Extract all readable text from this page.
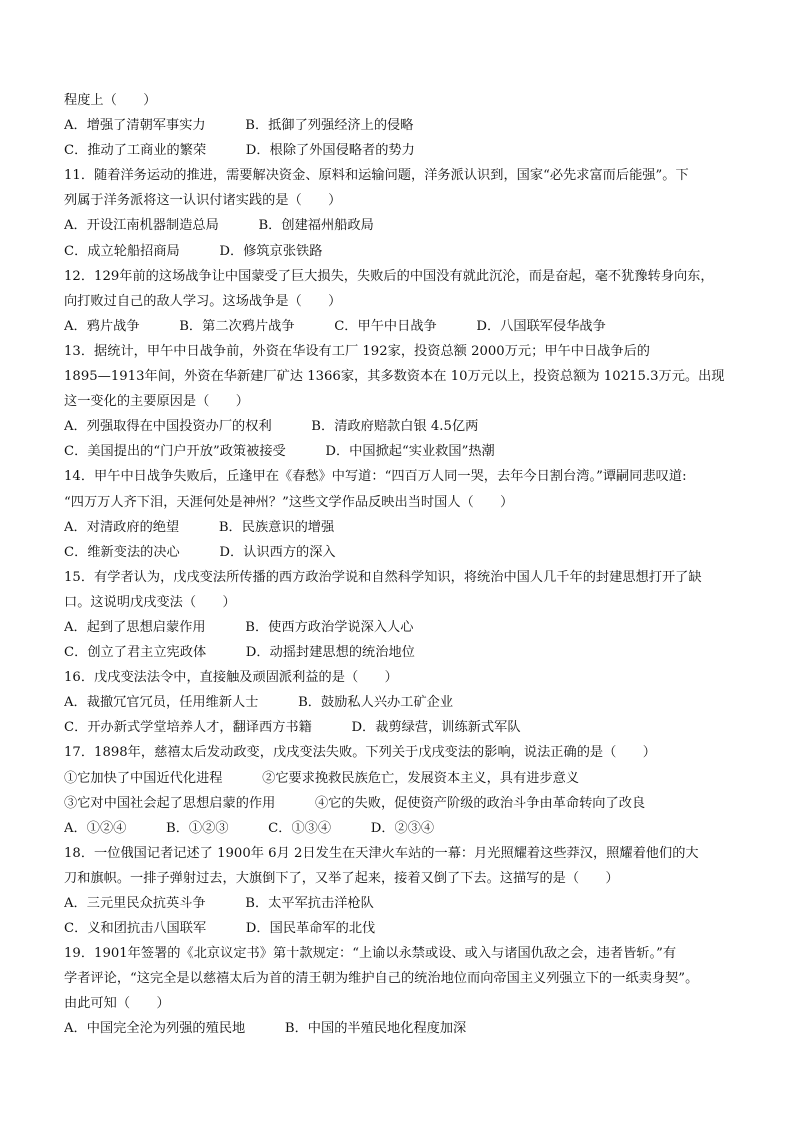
程度上（　　）
A．增强了清朝军事实力　　　B．抵御了列强经济上的侵略
C．推动了工商业的繁荣　　　D．根除了外国侵略者的势力
11．随着洋务运动的推进，需要解决资金、原料和运输问题，洋务派认识到，国家“必先求富而后能强”。下
列属于洋务派将这一认识付诸实践的是（　　）
A．开设江南机器制造总局　　　B．创建福州船政局
C．成立轮船招商局　　　D．修筑京张铁路
12．129年前的这场战争让中国蒙受了巨大损失，失败后的中国没有就此沉沦，而是奋起，毫不犹豫转身向东，
向打败过自己的敌人学习。这场战争是（　　）
A．鸦片战争　　　B．第二次鸦片战争　　　C．甲午中日战争　　　D．八国联军侵华战争
13．据统计，甲午中日战争前，外资在华设有工厂 192家，投资总额 2000万元；甲午中日战争后的
1895—1913年间，外资在华新建厂矿达 1366家，其多数资本在 10万元以上，投资总额为 10215.3万元。出现
这一变化的主要原因是（　　）
A．列强取得在中国投资办厂的权利　　　B．清政府赔款白银 4.5亿两
C．美国提出的“门户开放”政策被接受　　　D．中国掀起“实业救国”热潮
14．甲午中日战争失败后，丘逢甲在《春愁》中写道：“四百万人同一哭，去年今日割台湾。”谭嗣同悲叹道:
“四万万人齐下泪，天涯何处是神州？”这些文学作品反映出当时国人（　　）
A．对清政府的绝望　　　B．民族意识的增强
C．维新变法的决心　　　D．认识西方的深入
15．有学者认为，戊戌变法所传播的西方政治学说和自然科学知识，将统治中国人几千年的封建思想打开了缺
口。这说明戊戌变法（　　）
A．起到了思想启蒙作用　　　B．使西方政治学说深入人心
C．创立了君主立宪政体　　　D．动摇封建思想的统治地位
16．戊戌变法法令中，直接触及顽固派利益的是（　　）
A．裁撤冗官冗员，任用维新人士　　　B．鼓励私人兴办工矿企业
C．开办新式学堂培养人才，翻译西方书籍　　　D．裁剪绿营，训练新式军队
17．1898年，慈禧太后发动政变，戊戌变法失败。下列关于戊戌变法的影响，说法正确的是（　　）
①它加快了中国近代化进程　　　②它要求挽救民族危亡，发展资本主义，具有进步意义
③它对中国社会起了思想启蒙的作用　　　④它的失败，促使资产阶级的政治斗争由革命转向了改良
A．①②④　　　B．①②③　　　C．①③④　　　D．②③④
18．一位俄国记者记述了 1900年 6月 2日发生在天津火车站的一幕：月光照耀着这些莽汉，照耀着他们的大
刀和旗帜。一排子弹射过去，大旗倒下了，又举了起来，接着又倒了下去。这描写的是（　　）
A．三元里民众抗英斗争　　　B．太平军抗击洋枪队
C．义和团抗击八国联军　　　D．国民革命军的北伐
19．1901年签署的《北京议定书》第十款规定：“上谕以永禁或设、或入与诸国仇敌之会，违者皆斩。”有
学者评论，“这完全是以慈禧太后为首的清王朝为维护自己的统治地位而向帝国主义列强立下的一纸卖身契”。
由此可知（　　）
A．中国完全沦为列强的殖民地　　　B．中国的半殖民地化程度加深
